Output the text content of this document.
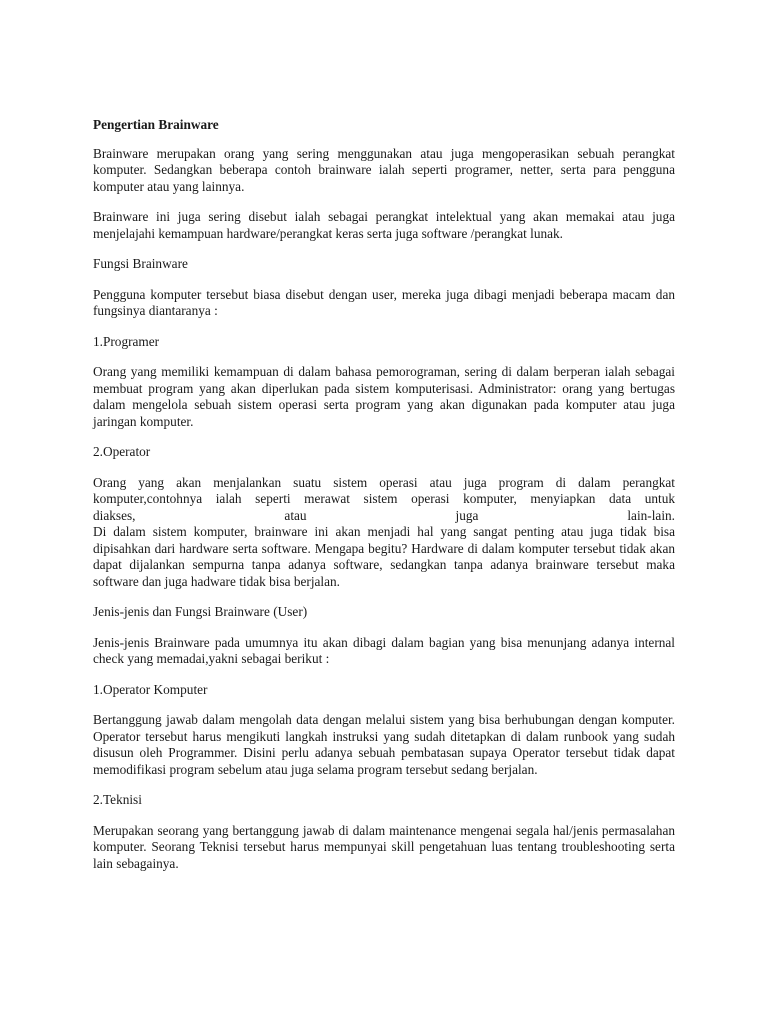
Pengertian Brainware

Brainware merupakan orang yang sering menggunakan atau juga mengoperasikan sebuah perangkat komputer. Sedangkan beberapa contoh brainware ialah seperti programer, netter, serta para pengguna komputer atau yang lainnya.

Brainware ini juga sering disebut ialah sebagai perangkat intelektual yang akan memakai atau juga menjelajahi kemampuan hardware/perangkat keras serta juga software /perangkat lunak.

Fungsi Brainware

Pengguna komputer tersebut biasa disebut dengan user, mereka juga dibagi menjadi beberapa macam dan fungsinya diantaranya :

1.Programer

Orang yang memiliki kemampuan di dalam bahasa pemorograman, sering di dalam berperan ialah sebagai membuat program yang akan diperlukan pada sistem komputerisasi. Administrator: orang yang bertugas dalam mengelola sebuah sistem operasi serta program yang akan digunakan pada komputer atau juga jaringan komputer.

2.Operator

Orang yang akan menjalankan suatu sistem operasi atau juga program di dalam perangkat komputer,contohnya ialah seperti merawat sistem operasi komputer, menyiapkan data untuk
diakses, atau juga lain-lain.
Di dalam sistem komputer, brainware ini akan menjadi hal yang sangat penting atau juga tidak bisa dipisahkan dari hardware serta software. Mengapa begitu? Hardware di dalam komputer tersebut tidak akan dapat dijalankan sempurna tanpa adanya software, sedangkan tanpa adanya brainware tersebut maka software dan juga hadware tidak bisa berjalan.

Jenis-jenis dan Fungsi Brainware (User)

Jenis-jenis Brainware pada umumnya itu akan dibagi dalam bagian yang bisa menunjang adanya internal check yang memadai,yakni sebagai berikut :

1.Operator Komputer

Bertanggung jawab dalam mengolah data dengan melalui sistem yang bisa berhubungan dengan komputer. Operator tersebut harus mengikuti langkah instruksi yang sudah ditetapkan di dalam runbook yang sudah disusun oleh Programmer. Disini perlu adanya sebuah pembatasan supaya Operator tersebut tidak dapat memodifikasi program sebelum atau juga selama program tersebut sedang berjalan.

2.Teknisi

Merupakan seorang yang bertanggung jawab di dalam maintenance mengenai segala hal/jenis permasalahan komputer. Seorang Teknisi tersebut harus mempunyai skill pengetahuan luas tentang troubleshooting serta lain sebagainya.
